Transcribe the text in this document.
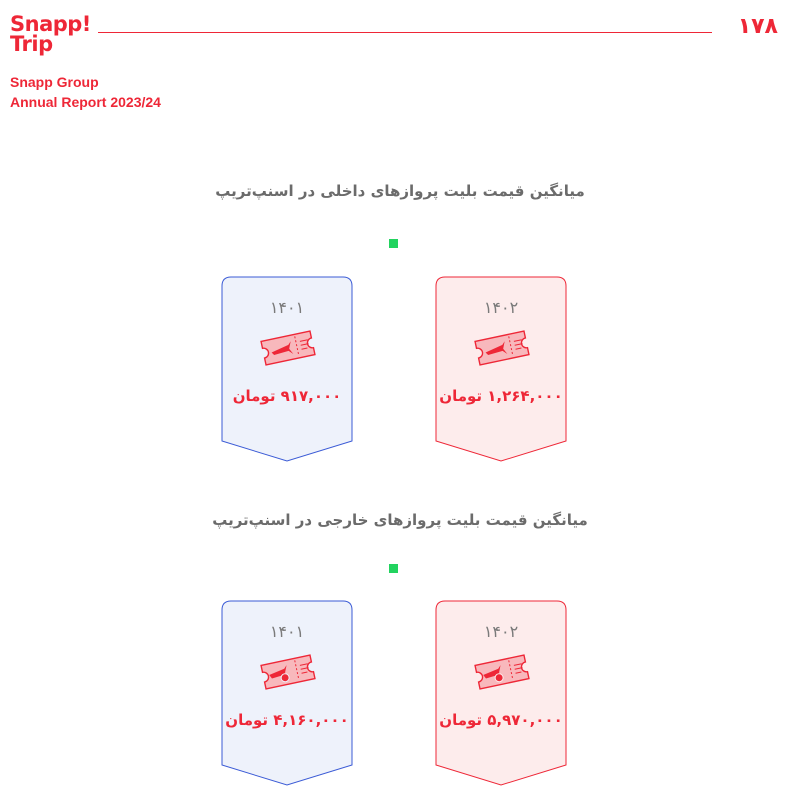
Snapp!
Trip
۱۷۸
Snapp Group
Annual Report 2023/24
میانگین قیمت بلیت پروازهای داخلی در اسنپ‌تریپ
۱۴۰۲
۱,۲۶۴,۰۰۰ تومان
۱۴۰۱
۹۱۷,۰۰۰ تومان
میانگین قیمت بلیت پروازهای خارجی در اسنپ‌تریپ
۱۴۰۲
۵,۹۷۰,۰۰۰ تومان
۱۴۰۱
۴,۱۶۰,۰۰۰ تومان
